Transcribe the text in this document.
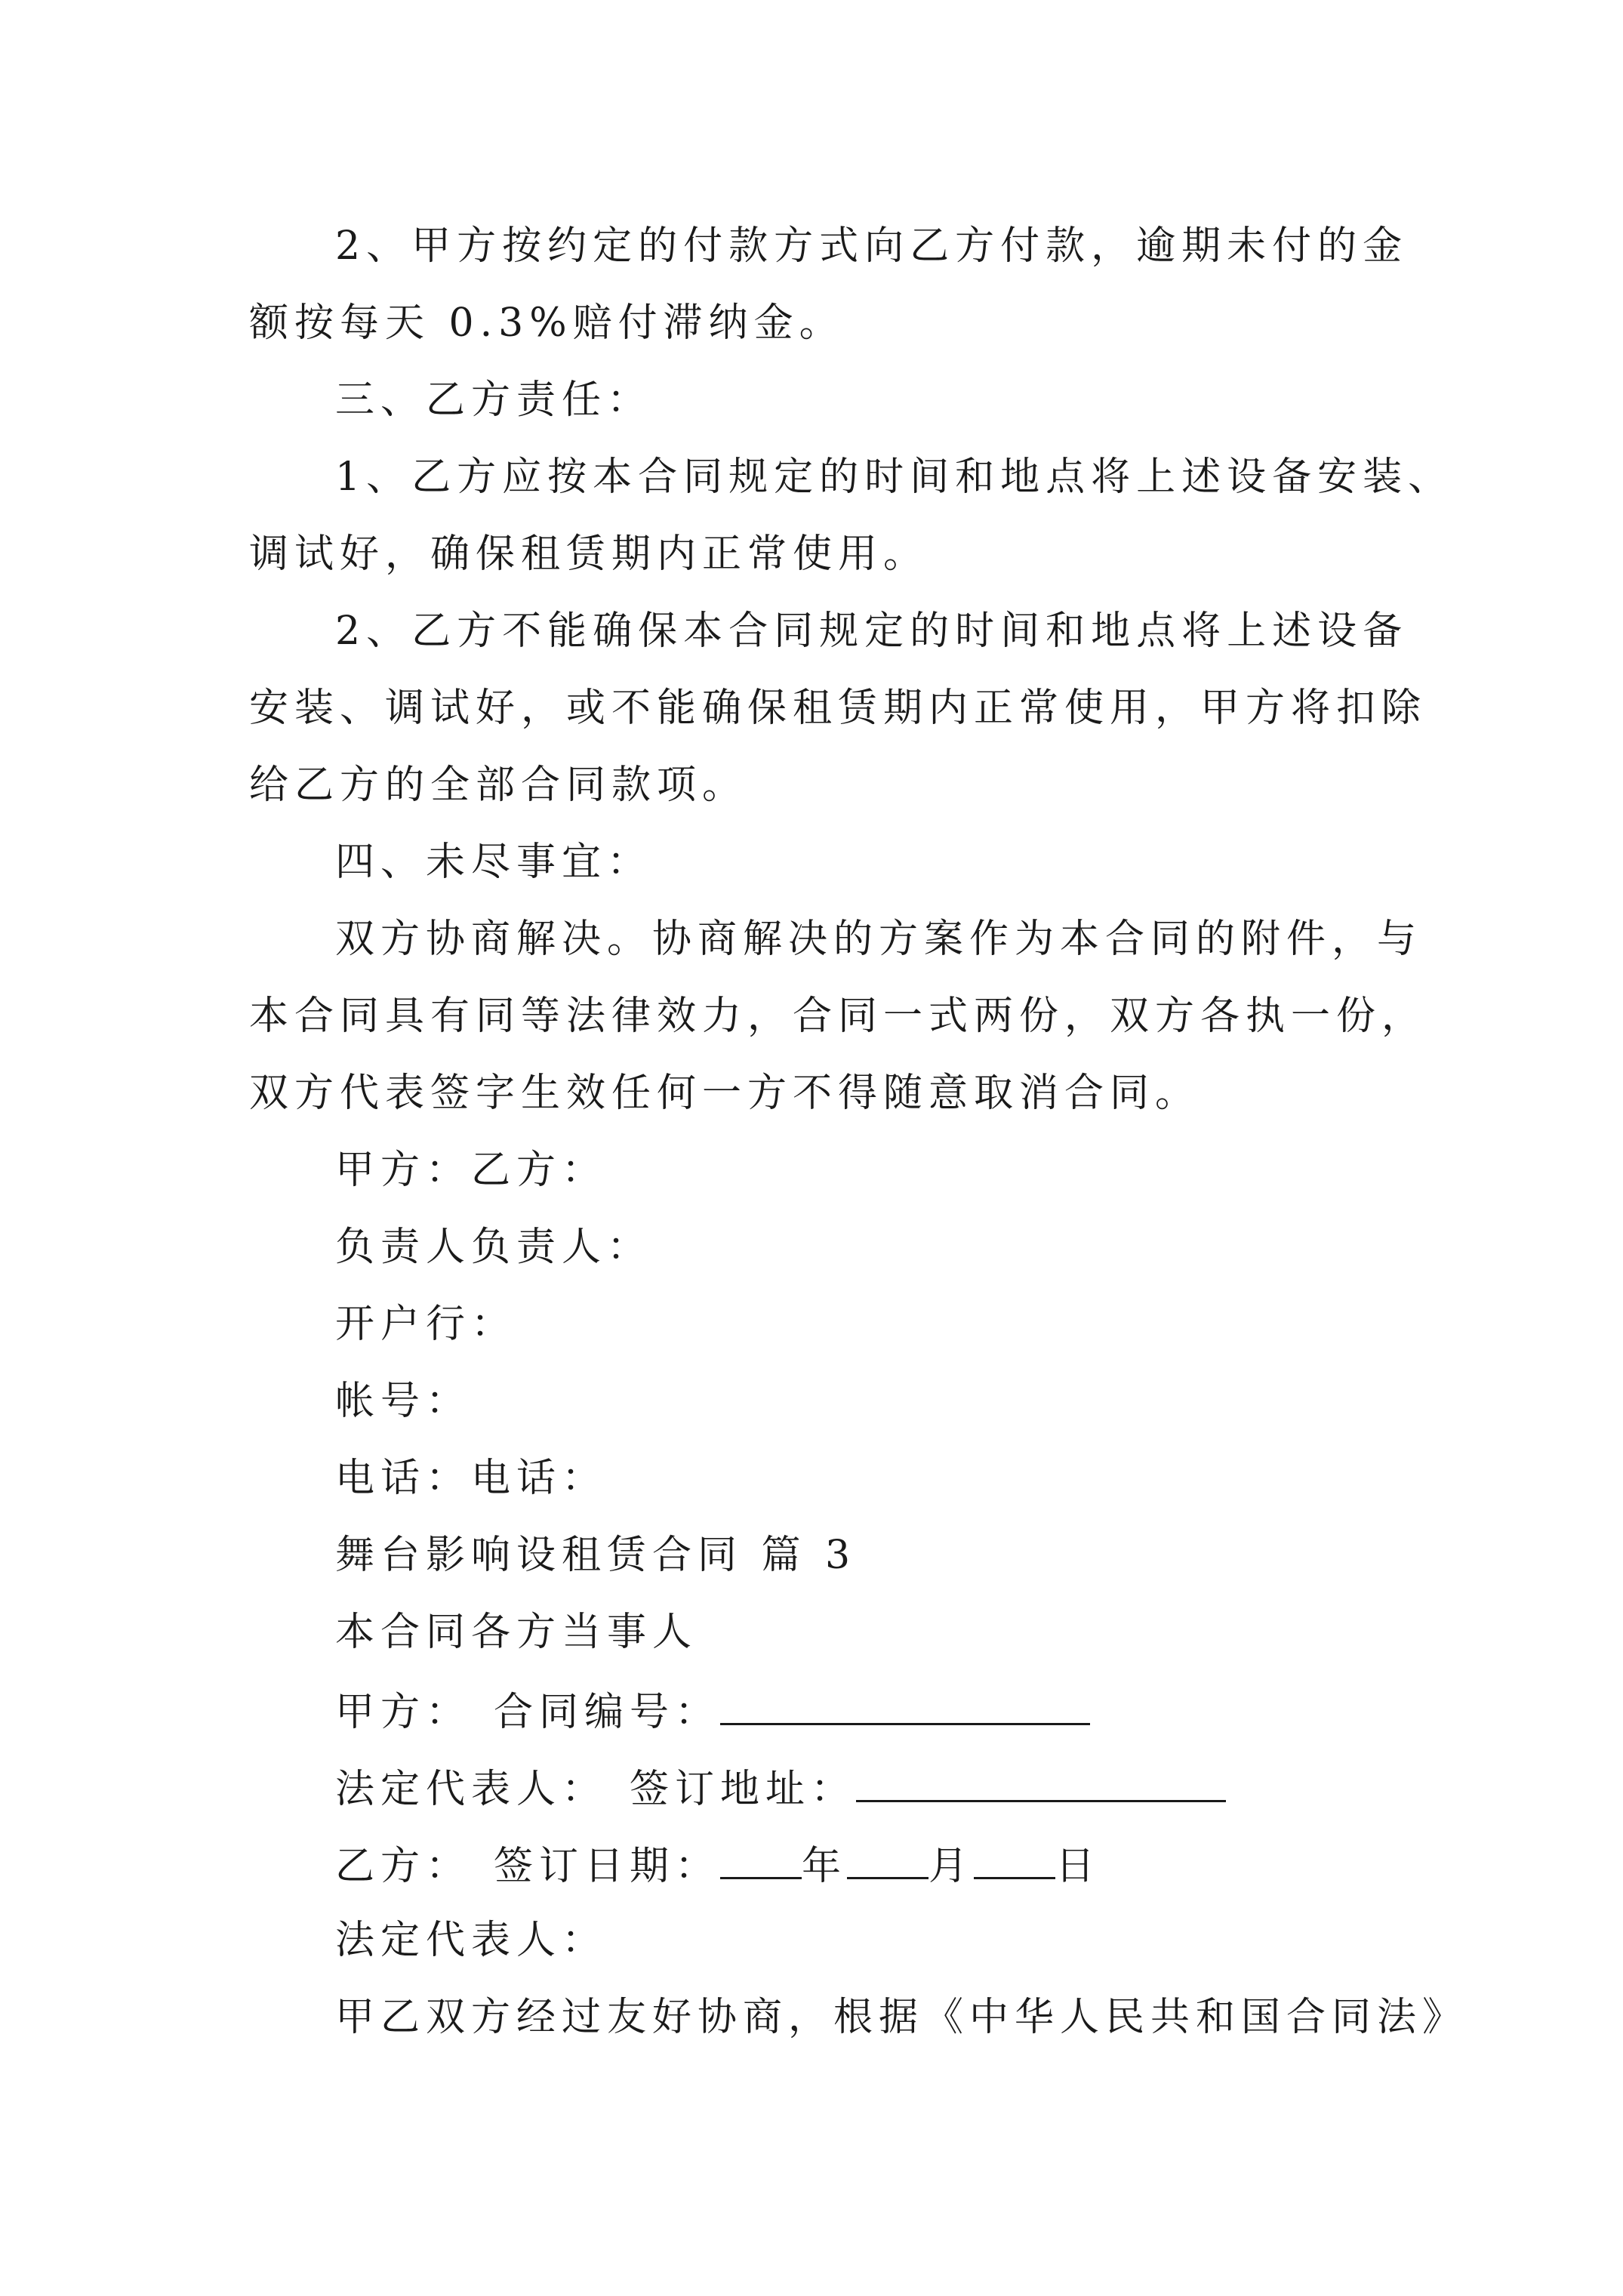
2、甲方按约定的付款方式向乙方付款，逾期未付的金
额按每天 0.3%赔付滞纳金。
三、乙方责任：
1、乙方应按本合同规定的时间和地点将上述设备安装、
调试好，确保租赁期内正常使用。
2、乙方不能确保本合同规定的时间和地点将上述设备
安装、调试好，或不能确保租赁期内正常使用，甲方将扣除
给乙方的全部合同款项。
四、未尽事宜：
双方协商解决。协商解决的方案作为本合同的附件，与
本合同具有同等法律效力，合同一式两份，双方各执一份，
双方代表签字生效任何一方不得随意取消合同。
甲方：乙方：
负责人负责人：
开户行：
帐号：
电话：电话：
舞台影响设租赁合同 篇 3
本合同各方当事人
甲方： 合同编号：
法定代表人： 签订地址：
乙方： 签订日期： 年 月 日
法定代表人：
甲乙双方经过友好协商，根据《中华人民共和国合同法》
